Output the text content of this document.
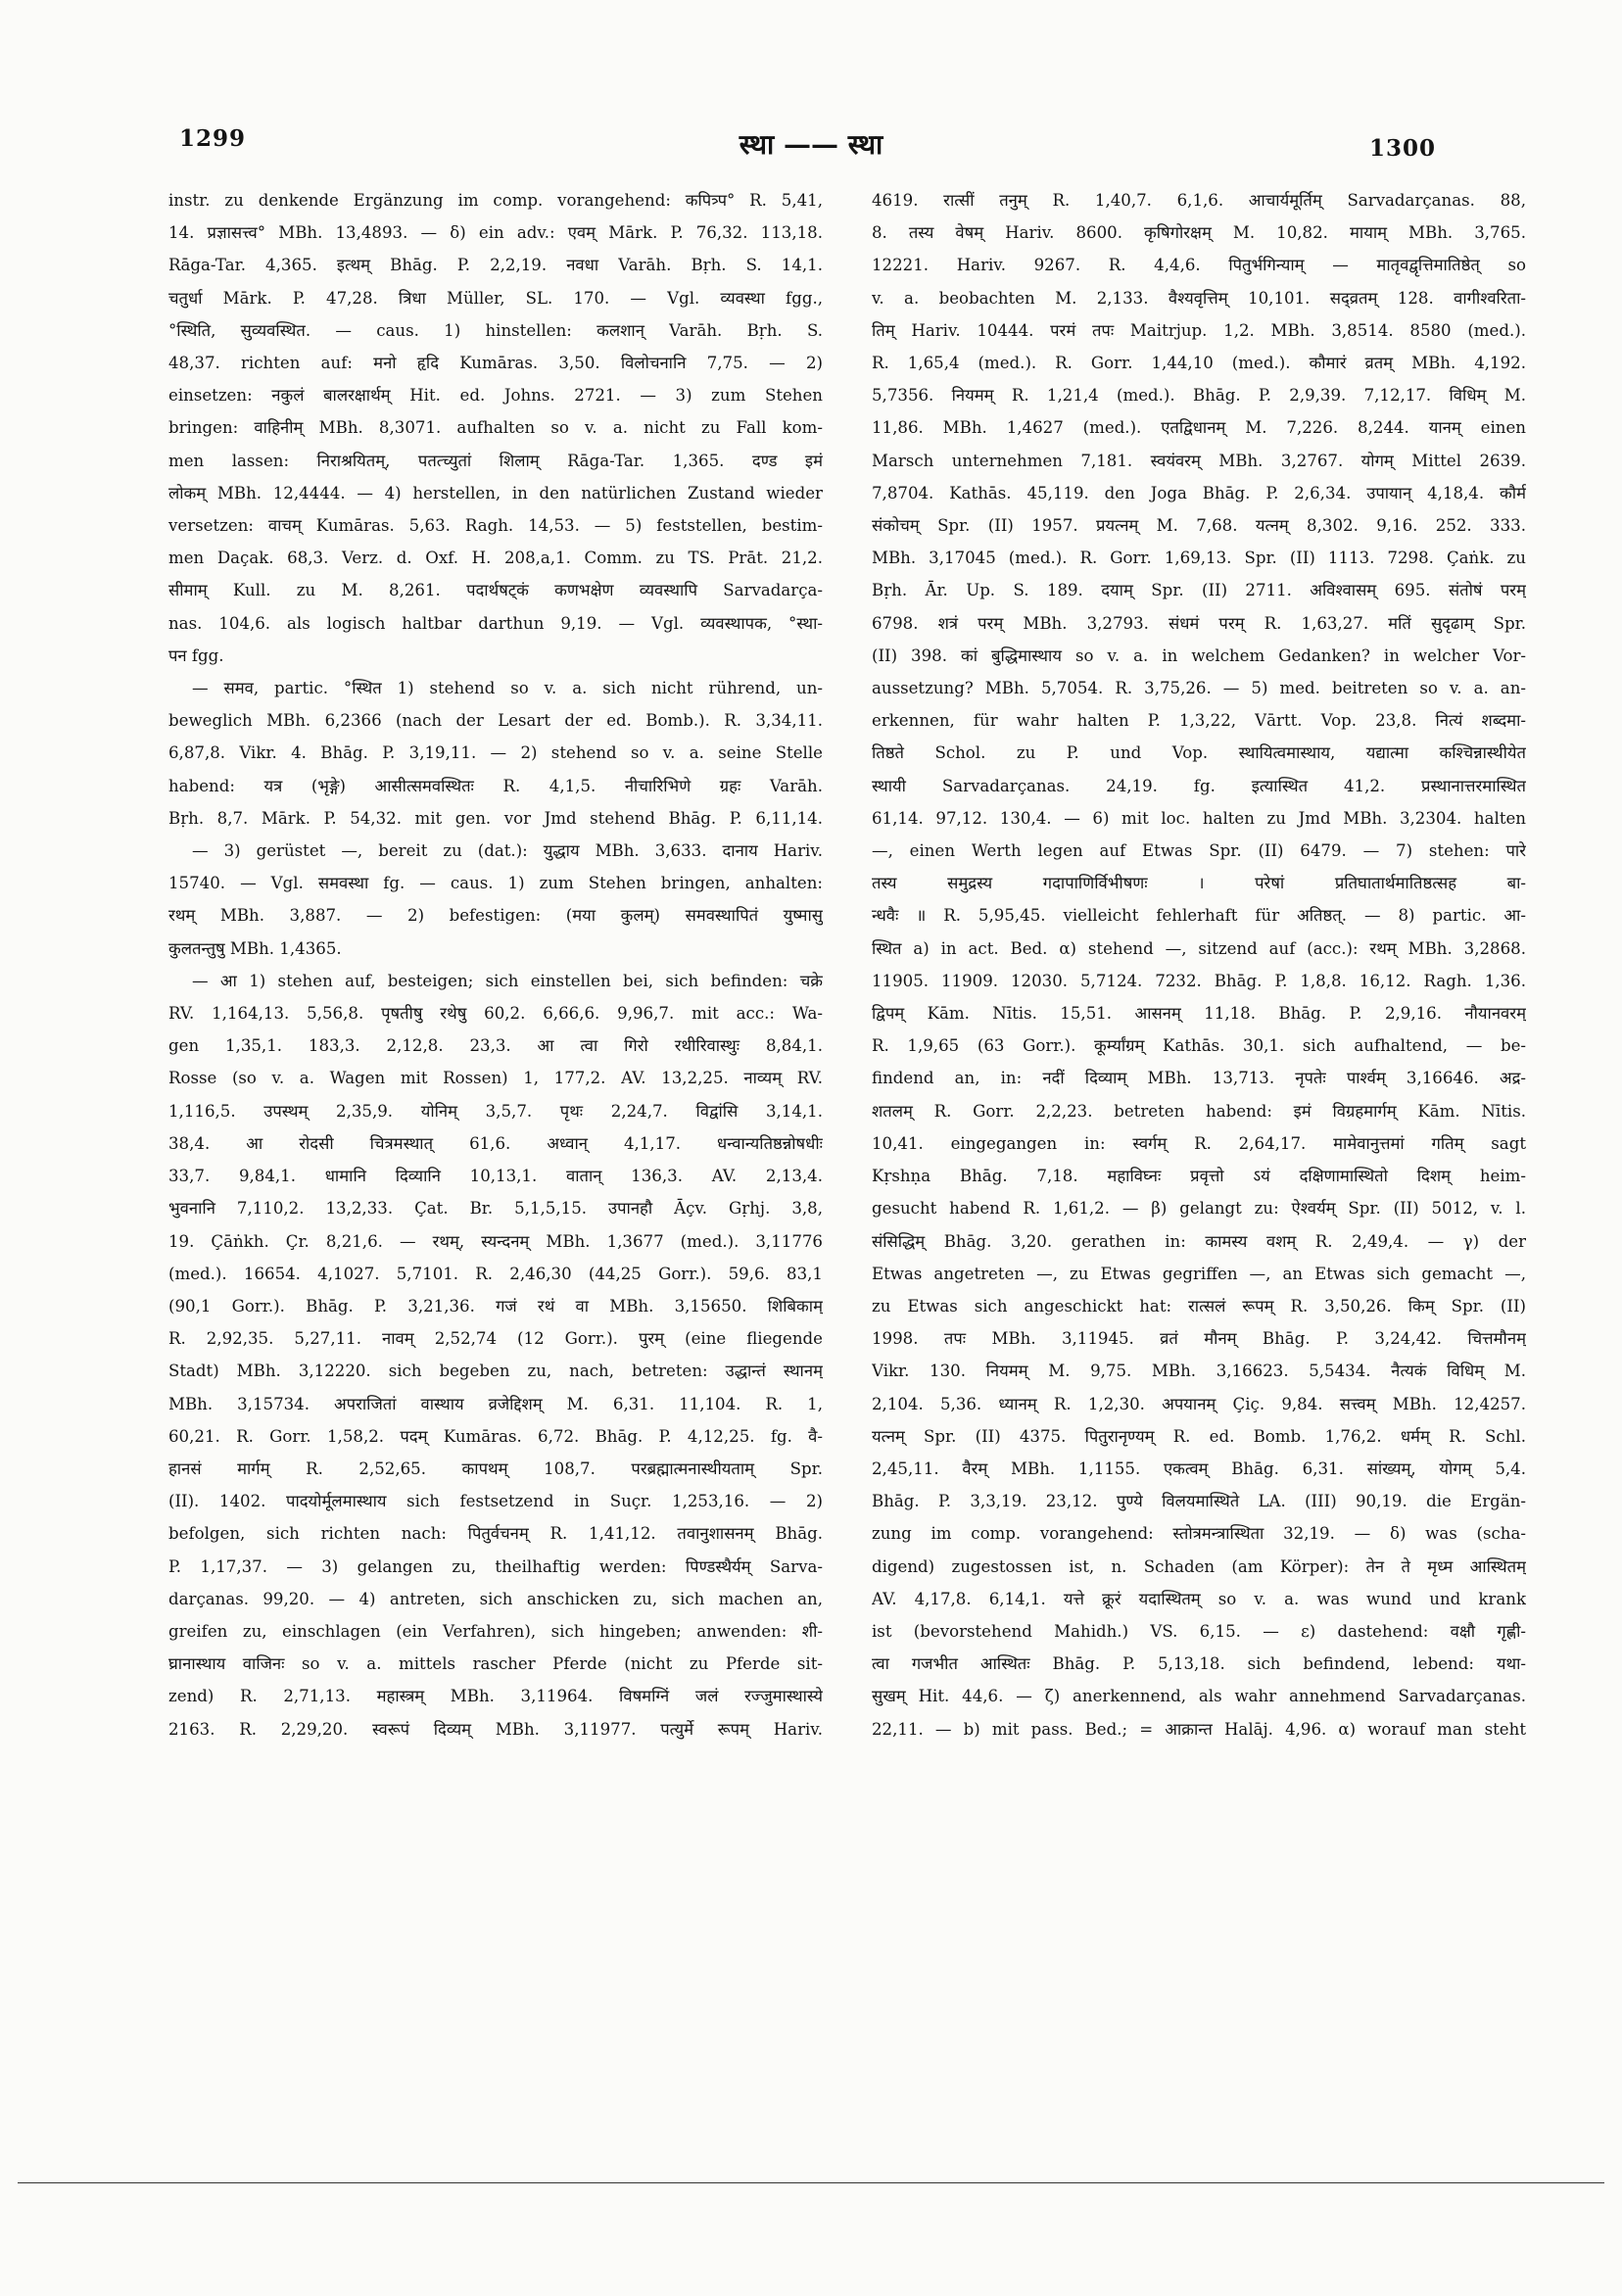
1299	स्था —— स्था	1300
instr. zu denkende Ergänzung im comp. vorangehend: कपित्र्प° R. 5,41,
14. प्रज्ञासत्त्व° MBh. 13,4893. — δ) ein adv.: एवम् Mārk. P. 76,32. 113,18.
Rāga-Tar. 4,365. इत्थम् Bhāg. P. 2,2,19. नवधा Varāh. Bṛh. S. 14,1.
चतुर्धा Mārk. P. 47,28. त्रिधा Müller, SL. 170. — Vgl. व्यवस्था fgg.,
°स्थिति, सुव्यवस्थित. — caus. 1) hinstellen: कलशान् Varāh. Bṛh. S.
48,37. richten auf: मनो हृदि Kumāras. 3,50. विलोचनानि 7,75. — 2)
einsetzen: नकुलं बालरक्षार्थम् Hit. ed. Johns. 2721. — 3) zum Stehen
bringen: वाहिनीम् MBh. 8,3071. aufhalten so v. a. nicht zu Fall kom-
men lassen: निराश्रयितम्, पतत्च्युतां शिलाम् Rāga-Tar. 1,365. दण्ड इमं
लोकम् MBh. 12,4444. — 4) herstellen, in den natürlichen Zustand wieder
versetzen: वाचम् Kumāras. 5,63. Ragh. 14,53. — 5) feststellen, bestim-
men Daçak. 68,3. Verz. d. Oxf. H. 208,a,1. Comm. zu TS. Prāt. 21,2.
सीमाम् Kull. zu M. 8,261. पदार्थषट्कं कणभक्षेण व्यवस्थापि Sarvadarça-
nas. 104,6. als logisch haltbar darthun 9,19. — Vgl. व्यवस्थापक, °स्था-
पन fgg.
— समव, partic. °स्थित 1) stehend so v. a. sich nicht rührend, un-
beweglich MBh. 6,2366 (nach der Lesart der ed. Bomb.). R. 3,34,11.
6,87,8. Vikr. 4. Bhāg. P. 3,19,11. — 2) stehend so v. a. seine Stelle
habend: यत्र (भृङ्गे) आसीत्समवस्थितः R. 4,1,5. नीचारिभिणे ग्रहः Varāh.
Bṛh. 8,7. Mārk. P. 54,32. mit gen. vor Jmd stehend Bhāg. P. 6,11,14.
— 3) gerüstet —, bereit zu (dat.): युद्धाय MBh. 3,633. दानाय Hariv.
15740. — Vgl. समवस्था fg. — caus. 1) zum Stehen bringen, anhalten:
रथम् MBh. 3,887. — 2) befestigen: (मया कुलम्) समवस्थापितं युष्मासु
कुलतन्तुषु MBh. 1,4365.
— आ 1) stehen auf, besteigen; sich einstellen bei, sich befinden: चक्रे
RV. 1,164,13. 5,56,8. पृषतीषु रथेषु 60,2. 6,66,6. 9,96,7. mit acc.: Wa-
gen 1,35,1. 183,3. 2,12,8. 23,3. आ त्वा गिरो रथीरिवास्थुः 8,84,1.
Rosse (so v. a. Wagen mit Rossen) 1, 177,2. AV. 13,2,25. नाव्यम् RV.
1,116,5. उपस्थम् 2,35,9. योनिम् 3,5,7. पृथः 2,24,7. विद्वांसि 3,14,1.
38,4. आ रोदसी चित्रमस्थात् 61,6. अध्वान् 4,1,17. धन्वान्यतिष्ठन्नोषधीः
33,7. 9,84,1. धामानि दिव्यानि 10,13,1. वातान् 136,3. AV. 2,13,4.
भुवनानि 7,110,2. 13,2,33. Çat. Br. 5,1,5,15. उपानहौ Āçv. Gṛhj. 3,8,
19. Çāṅkh. Çr. 8,21,6. — रथम्, स्यन्दनम् MBh. 1,3677 (med.). 3,11776
(med.). 16654. 4,1027. 5,7101. R. 2,46,30 (44,25 Gorr.). 59,6. 83,1
(90,1 Gorr.). Bhāg. P. 3,21,36. गजं रथं वा MBh. 3,15650. शिबिकाम्
R. 2,92,35. 5,27,11. नावम् 2,52,74 (12 Gorr.). पुरम् (eine fliegende
Stadt) MBh. 3,12220. sich begeben zu, nach, betreten: उद्धान्तं स्थानम्
MBh. 3,15734. अपराजितां वास्थाय व्रजेद्दिशम् M. 6,31. 11,104. R. 1,
60,21. R. Gorr. 1,58,2. पदम् Kumāras. 6,72. Bhāg. P. 4,12,25. fg. वै-
हानसं मार्गम् R. 2,52,65. कापथम् 108,7. परब्रह्मात्मनास्थीयताम् Spr.
(II). 1402. पादयोर्मूलमास्थाय sich festsetzend in Suçr. 1,253,16. — 2)
befolgen, sich richten nach: पितुर्वचनम् R. 1,41,12. तवानुशासनम् Bhāg.
P. 1,17,37. — 3) gelangen zu, theilhaftig werden: पिण्डस्थैर्यम् Sarva-
darçanas. 99,20. — 4) antreten, sich anschicken zu, sich machen an,
greifen zu, einschlagen (ein Verfahren), sich hingeben; anwenden: शी-
घ्रानास्थाय वाजिनः so v. a. mittels rascher Pferde (nicht zu Pferde sit-
zend) R. 2,71,13. महास्त्रम् MBh. 3,11964. विषमग्निं जलं रज्जुमास्थास्ये
2163. R. 2,29,20. स्वरूपं दिव्यम् MBh. 3,11977. पत्युर्मे रूपम् Hariv.
4619. रात्सीं तनुम् R. 1,40,7. 6,1,6. आचार्यमूर्तिम् Sarvadarçanas. 88,
8. तस्य वेषम् Hariv. 8600. कृषिगोरक्षम् M. 10,82. मायाम् MBh. 3,765.
12221. Hariv. 9267. R. 4,4,6. पितुर्भगिन्याम् — मातृवद्वृत्तिमातिष्ठेत् so
v. a. beobachten M. 2,133. वैश्यवृत्तिम् 10,101. सद्व्रतम् 128. वागीश्वरिता-
तिम् Hariv. 10444. परमं तपः Maitrjup. 1,2. MBh. 3,8514. 8580 (med.).
R. 1,65,4 (med.). R. Gorr. 1,44,10 (med.). कौमारं व्रतम् MBh. 4,192.
5,7356. नियमम् R. 1,21,4 (med.). Bhāg. P. 2,9,39. 7,12,17. विधिम् M.
11,86. MBh. 1,4627 (med.). एतद्विधानम् M. 7,226. 8,244. यानम् einen
Marsch unternehmen 7,181. स्वयंवरम् MBh. 3,2767. योगम् Mittel 2639.
7,8704. Kathās. 45,119. den Joga Bhāg. P. 2,6,34. उपायान् 4,18,4. कौर्म
संकोचम् Spr. (II) 1957. प्रयत्नम् M. 7,68. यत्नम् 8,302. 9,16. 252. 333.
MBh. 3,17045 (med.). R. Gorr. 1,69,13. Spr. (II) 1113. 7298. Çaṅk. zu
Bṛh. Ār. Up. S. 189. दयाम् Spr. (II) 2711. अविश्वासम् 695. संतोषं परम्
6798. शत्रं परम् MBh. 3,2793. संधमं परम् R. 1,63,27. मतिं सुदृढाम् Spr.
(II) 398. कां बुद्धिमास्थाय so v. a. in welchem Gedanken? in welcher Vor-
aussetzung? MBh. 5,7054. R. 3,75,26. — 5) med. beitreten so v. a. an-
erkennen, für wahr halten P. 1,3,22, Vārtt. Vop. 23,8. नित्यं शब्दमा-
तिष्ठते Schol. zu P. und Vop. स्थायित्वमास्थाय, यद्यात्मा कश्चिन्नास्थीयेत
स्थायी Sarvadarçanas. 24,19. fg. इत्यास्थित 41,2. प्रस्थानात्तरमास्थित
61,14. 97,12. 130,4. — 6) mit loc. halten zu Jmd MBh. 3,2304. halten
—, einen Werth legen auf Etwas Spr. (II) 6479. — 7) stehen: पारे
तस्य समुद्रस्य गदापाणिर्विभीषणः । परेषां प्रतिघातार्थमातिष्ठत्सह बा-
न्धवैः ॥ R. 5,95,45. vielleicht fehlerhaft für अतिष्ठत्. — 8) partic. आ-
स्थित a) in act. Bed. α) stehend —, sitzend auf (acc.): रथम् MBh. 3,2868.
11905. 11909. 12030. 5,7124. 7232. Bhāg. P. 1,8,8. 16,12. Ragh. 1,36.
द्विपम् Kām. Nītis. 15,51. आसनम् 11,18. Bhāg. P. 2,9,16. नौयानवरम्
R. 1,9,65 (63 Gorr.). कूर्म्यांग्रम् Kathās. 30,1. sich aufhaltend, — be-
findend an, in: नदीं दिव्याम् MBh. 13,713. नृपतेः पार्श्वम् 3,16646. अद्र-
शतलम् R. Gorr. 2,2,23. betreten habend: इमं विग्रहमार्गम् Kām. Nītis.
10,41. eingegangen in: स्वर्गम् R. 2,64,17. मामेवानुत्तमां गतिम् sagt
Kṛshṇa Bhāg. 7,18. महाविघ्नः प्रवृत्तो ऽयं दक्षिणामास्थितो दिशम् heim-
gesucht habend R. 1,61,2. — β) gelangt zu: ऐश्वर्यम् Spr. (II) 5012, v. l.
संसिद्धिम् Bhāg. 3,20. gerathen in: कामस्य वशम् R. 2,49,4. — γ) der
Etwas angetreten —, zu Etwas gegriffen —, an Etwas sich gemacht —,
zu Etwas sich angeschickt hat: रात्सलं रूपम् R. 3,50,26. किम् Spr. (II)
1998. तपः MBh. 3,11945. व्रतं मौनम् Bhāg. P. 3,24,42. चित्तमौनम्
Vikr. 130. नियमम् M. 9,75. MBh. 3,16623. 5,5434. नैत्यकं विधिम् M.
2,104. 5,36. ध्यानम् R. 1,2,30. अपयानम् Çiç. 9,84. सत्त्वम् MBh. 12,4257.
यत्नम् Spr. (II) 4375. पितुरानृण्यम् R. ed. Bomb. 1,76,2. धर्मम् R. Schl.
2,45,11. वैरम् MBh. 1,1155. एकत्वम् Bhāg. 6,31. सांख्यम्, योगम् 5,4.
Bhāg. P. 3,3,19. 23,12. पुण्ये विलयमास्थिते LA. (III) 90,19. die Ergän-
zung im comp. vorangehend: स्तोत्रमन्त्रास्थिता 32,19. — δ) was (scha-
digend) zugestossen ist, n. Schaden (am Körper): तेन ते मृध्म आस्थितम्
AV. 4,17,8. 6,14,1. यत्ते क्रूरं यदास्थितम् so v. a. was wund und krank
ist (bevorstehend Mahidh.) VS. 6,15. — ε) dastehend: वक्षौ गृह्णी-
त्वा गजभीत आस्थितः Bhāg. P. 5,13,18. sich befindend, lebend: यथा-
सुखम् Hit. 44,6. — ζ) anerkennend, als wahr annehmend Sarvadarçanas.
22,11. — b) mit pass. Bed.; = आक्रान्त Halāj. 4,96. α) worauf man steht
